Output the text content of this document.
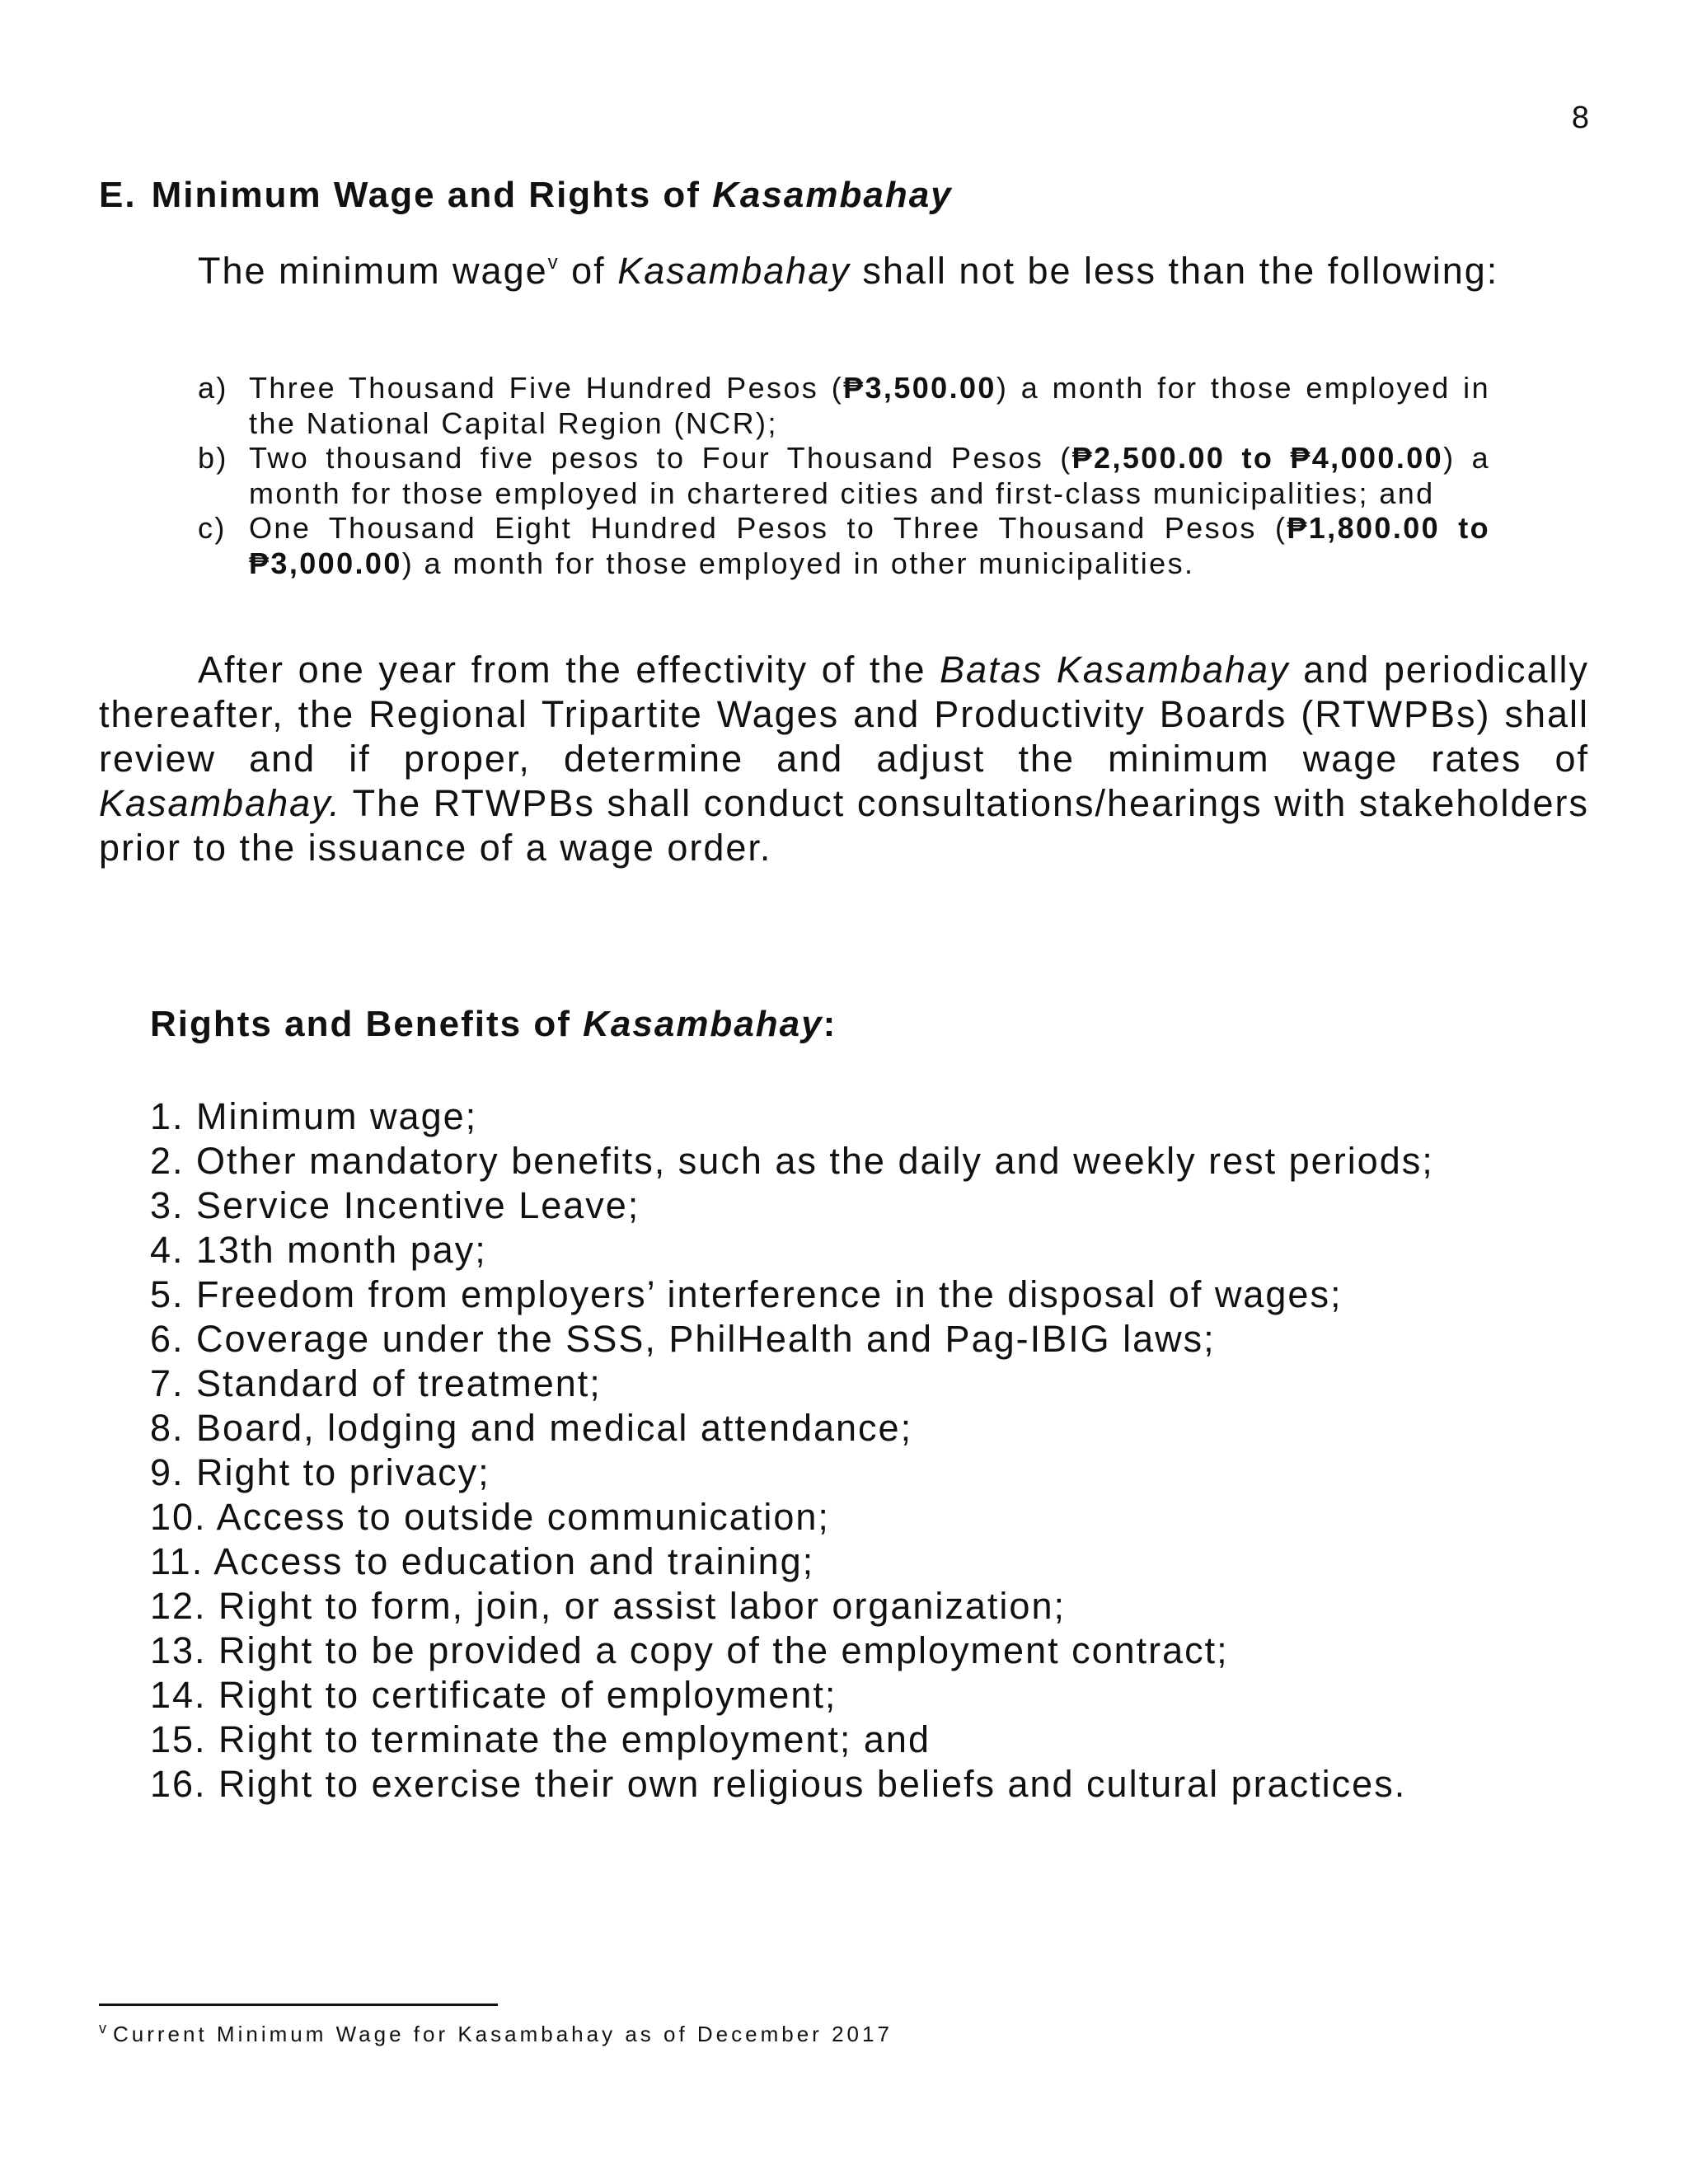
8
E. Minimum Wage and Rights of Kasambahay

The minimum wage$^v$ of Kasambahay shall not be less than the following:

a) Three Thousand Five Hundred Pesos (₱3,500.00) a month for those employed in the National Capital Region (NCR);
b) Two thousand five pesos to Four Thousand Pesos (₱2,500.00 to ₱4,000.00) a month for those employed in chartered cities and first-class municipalities; and
c) One Thousand Eight Hundred Pesos to Three Thousand Pesos (₱1,800.00 to ₱3,000.00) a month for those employed in other municipalities.

After one year from the effectivity of the Batas Kasambahay and periodically thereafter, the Regional Tripartite Wages and Productivity Boards (RTWPBs) shall review and if proper, determine and adjust the minimum wage rates of Kasambahay. The RTWPBs shall conduct consultations/hearings with stakeholders prior to the issuance of a wage order.

Rights and Benefits of Kasambahay:
1. Minimum wage;
2. Other mandatory benefits, such as the daily and weekly rest periods;
3. Service Incentive Leave;
4. 13th month pay;
5. Freedom from employers’ interference in the disposal of wages;
6. Coverage under the SSS, PhilHealth and Pag-IBIG laws;
7. Standard of treatment;
8. Board, lodging and medical attendance;
9. Right to privacy;
10. Access to outside communication;
11. Access to education and training;
12. Right to form, join, or assist labor organization;
13. Right to be provided a copy of the employment contract;
14. Right to certificate of employment;
15. Right to terminate the employment; and
16. Right to exercise their own religious beliefs and cultural practices.

$^v$ Current Minimum Wage for Kasambahay as of December 2017
